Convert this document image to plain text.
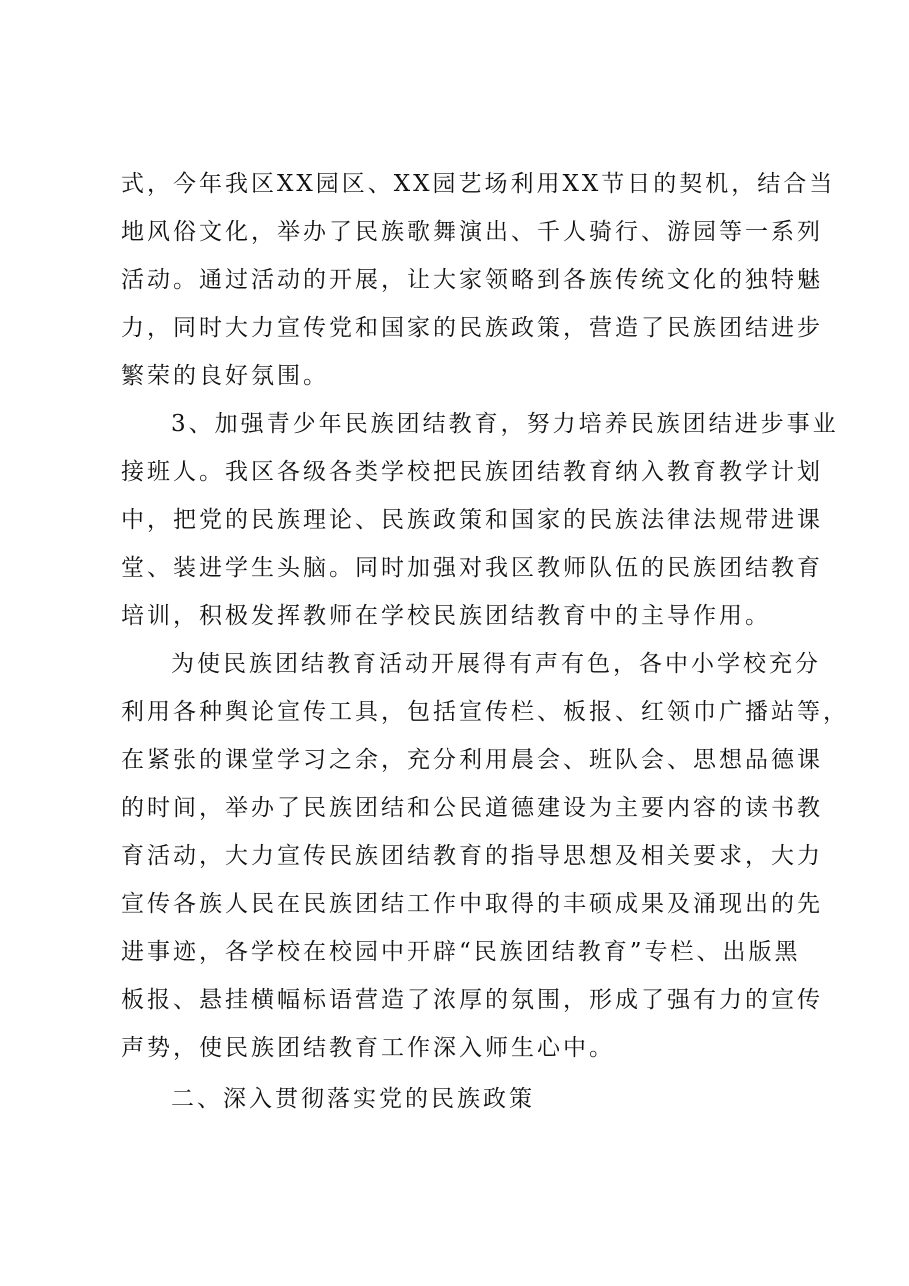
式，今年我区XX园区、XX园艺场利用XX节日的契机，结合当
地风俗文化，举办了民族歌舞演出、千人骑行、游园等一系列
活动。通过活动的开展，让大家领略到各族传统文化的独特魅
力，同时大力宣传党和国家的民族政策，营造了民族团结进步
繁荣的良好氛围。
3、加强青少年民族团结教育，努力培养民族团结进步事业
接班人。我区各级各类学校把民族团结教育纳入教育教学计划
中，把党的民族理论、民族政策和国家的民族法律法规带进课
堂、装进学生头脑。同时加强对我区教师队伍的民族团结教育
培训，积极发挥教师在学校民族团结教育中的主导作用。
为使民族团结教育活动开展得有声有色，各中小学校充分
利用各种舆论宣传工具，包括宣传栏、板报、红领巾广播站等，
在紧张的课堂学习之余，充分利用晨会、班队会、思想品德课
的时间，举办了民族团结和公民道德建设为主要内容的读书教
育活动，大力宣传民族团结教育的指导思想及相关要求，大力
宣传各族人民在民族团结工作中取得的丰硕成果及涌现出的先
进事迹，各学校在校园中开辟“民族团结教育”专栏、出版黑
板报、悬挂横幅标语营造了浓厚的氛围，形成了强有力的宣传
声势，使民族团结教育工作深入师生心中。
二、深入贯彻落实党的民族政策
